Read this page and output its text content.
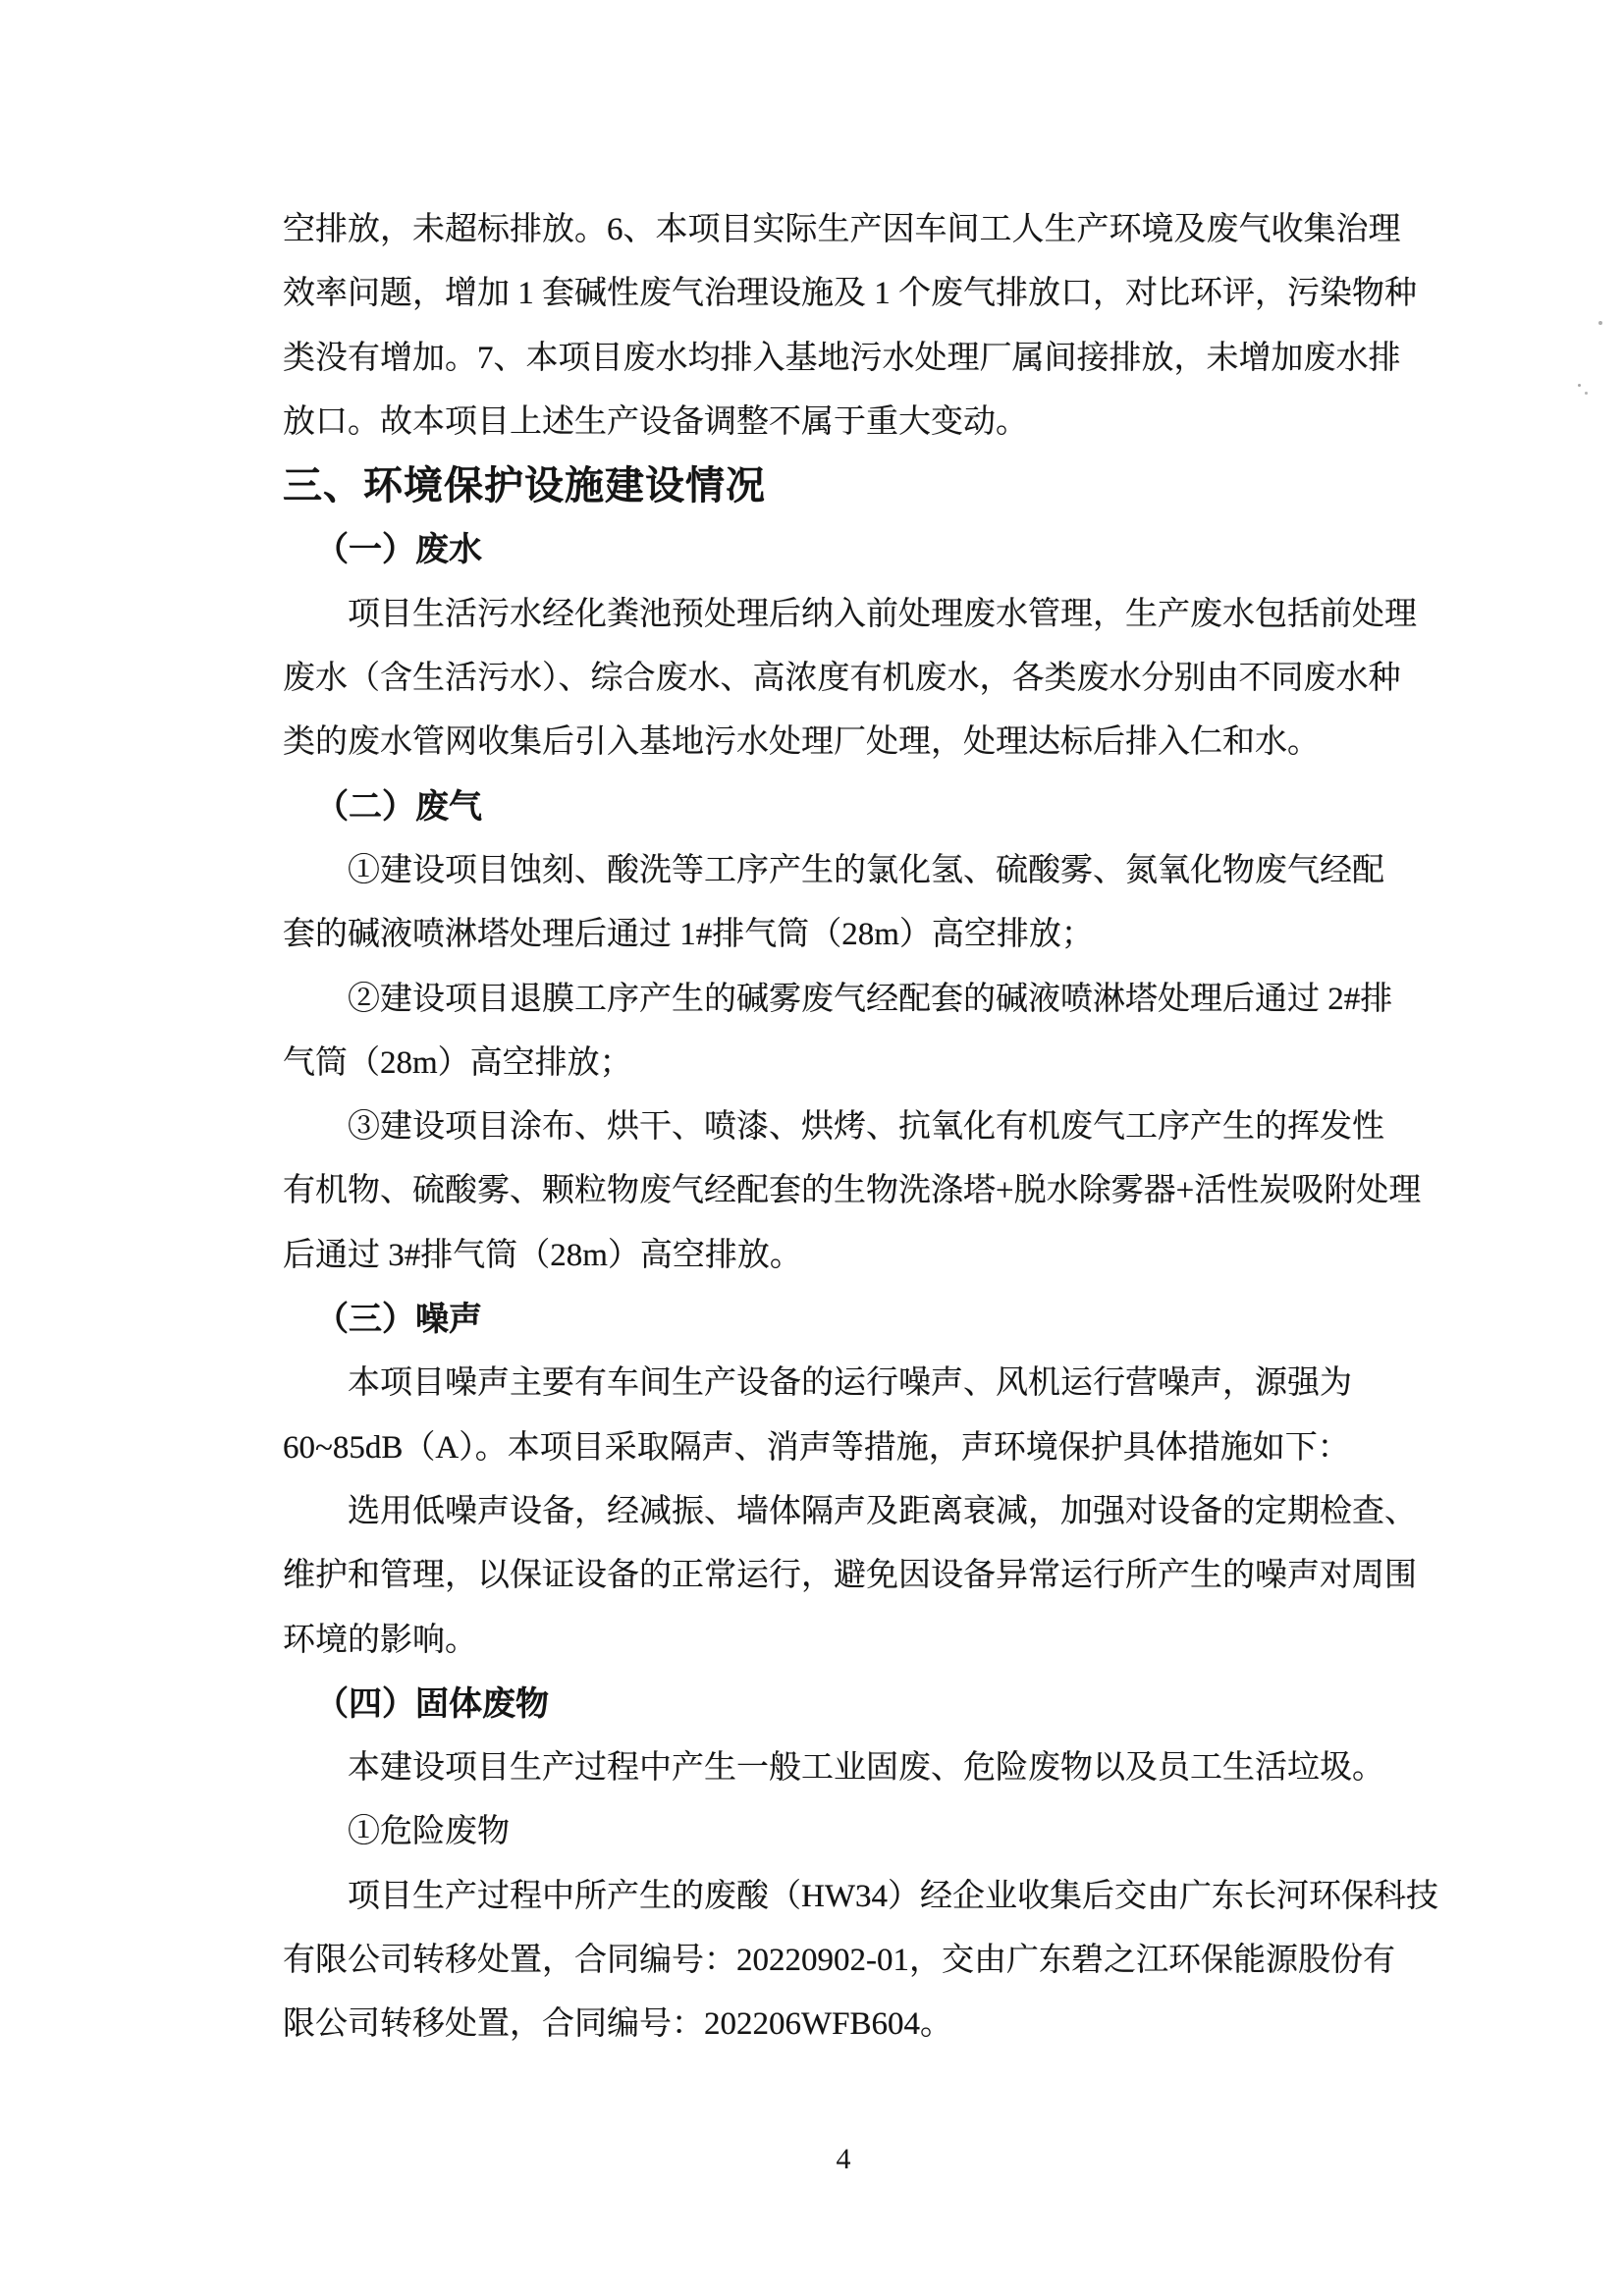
空排放，未超标排放。6、本项目实际生产因车间工人生产环境及废气收集治理
效率问题，增加 1 套碱性废气治理设施及 1 个废气排放口，对比环评，污染物种
类没有增加。7、本项目废水均排入基地污水处理厂属间接排放，未增加废水排
放口。故本项目上述生产设备调整不属于重大变动。
三、环境保护设施建设情况
（一）废水
项目生活污水经化粪池预处理后纳入前处理废水管理，生产废水包括前处理
废水（含生活污水）、综合废水、高浓度有机废水，各类废水分别由不同废水种
类的废水管网收集后引入基地污水处理厂处理，处理达标后排入仁和水。
（二）废气
①建设项目蚀刻、酸洗等工序产生的氯化氢、硫酸雾、氮氧化物废气经配
套的碱液喷淋塔处理后通过 1#排气筒（28m）高空排放；
②建设项目退膜工序产生的碱雾废气经配套的碱液喷淋塔处理后通过 2#排
气筒（28m）高空排放；
③建设项目涂布、烘干、喷漆、烘烤、抗氧化有机废气工序产生的挥发性
有机物、硫酸雾、颗粒物废气经配套的生物洗涤塔+脱水除雾器+活性炭吸附处理
后通过 3#排气筒（28m）高空排放。
（三）噪声
本项目噪声主要有车间生产设备的运行噪声、风机运行营噪声，源强为
60~85dB（A）。本项目采取隔声、消声等措施，声环境保护具体措施如下：
选用低噪声设备，经减振、墙体隔声及距离衰减，加强对设备的定期检查、
维护和管理，以保证设备的正常运行，避免因设备异常运行所产生的噪声对周围
环境的影响。
（四）固体废物
本建设项目生产过程中产生一般工业固废、危险废物以及员工生活垃圾。
①危险废物
项目生产过程中所产生的废酸（HW34）经企业收集后交由广东长河环保科技
有限公司转移处置，合同编号：20220902-01，交由广东碧之江环保能源股份有
限公司转移处置，合同编号：202206WFB604。
4
